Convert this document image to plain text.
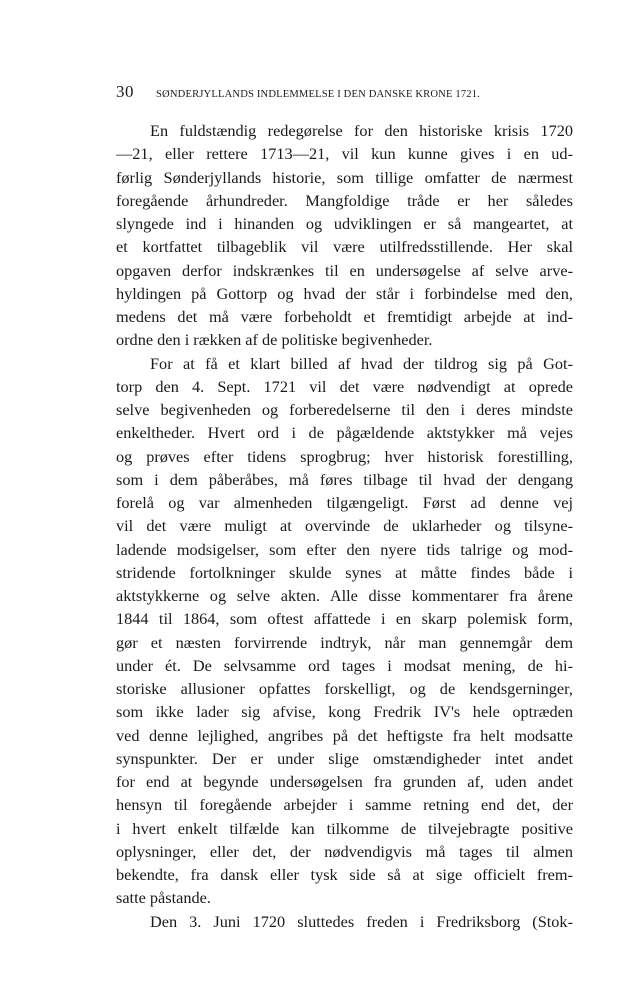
30	SØNDERJYLLANDS INDLEMMELSE I DEN DANSKE KRONE 1721.
En fuldstændig redegørelse for den historiske krisis 1720
—21, eller rettere 1713—21, vil kun kunne gives i en ud-
førlig Sønderjyllands historie, som tillige omfatter de nærmest
foregående århundreder. Mangfoldige tråde er her således
slyngede ind i hinanden og udviklingen er så mangeartet, at
et kortfattet tilbageblik vil være utilfredsstillende. Her skal
opgaven derfor indskrænkes til en undersøgelse af selve arve-
hyldingen på Gottorp og hvad der står i forbindelse med den,
medens det må være forbeholdt et fremtidigt arbejde at ind-
ordne den i rækken af de politiske begivenheder.
For at få et klart billed af hvad der tildrog sig på Got-
torp den 4. Sept. 1721 vil det være nødvendigt at oprede
selve begivenheden og forberedelserne til den i deres mindste
enkeltheder. Hvert ord i de pågældende aktstykker må vejes
og prøves efter tidens sprogbrug; hver historisk forestilling,
som i dem påberåbes, må føres tilbage til hvad der dengang
forelå og var almenheden tilgængeligt. Først ad denne vej
vil det være muligt at overvinde de uklarheder og tilsyne-
ladende modsigelser, som efter den nyere tids talrige og mod-
stridende fortolkninger skulde synes at måtte findes både i
aktstykkerne og selve akten. Alle disse kommentarer fra årene
1844 til 1864, som oftest affattede i en skarp polemisk form,
gør et næsten forvirrende indtryk, når man gennemgår dem
under ét. De selvsamme ord tages i modsat mening, de hi-
storiske allusioner opfattes forskelligt, og de kendsgerninger,
som ikke lader sig afvise, kong Fredrik IV's hele optræden
ved denne lejlighed, angribes på det heftigste fra helt modsatte
synspunkter. Der er under slige omstændigheder intet andet
for end at begynde undersøgelsen fra grunden af, uden andet
hensyn til foregående arbejder i samme retning end det, der
i hvert enkelt tilfælde kan tilkomme de tilvejebragte positive
oplysninger, eller det, der nødvendigvis må tages til almen
bekendte, fra dansk eller tysk side så at sige officielt frem-
satte påstande.
Den 3. Juni 1720 sluttedes freden i Fredriksborg (Stok-
